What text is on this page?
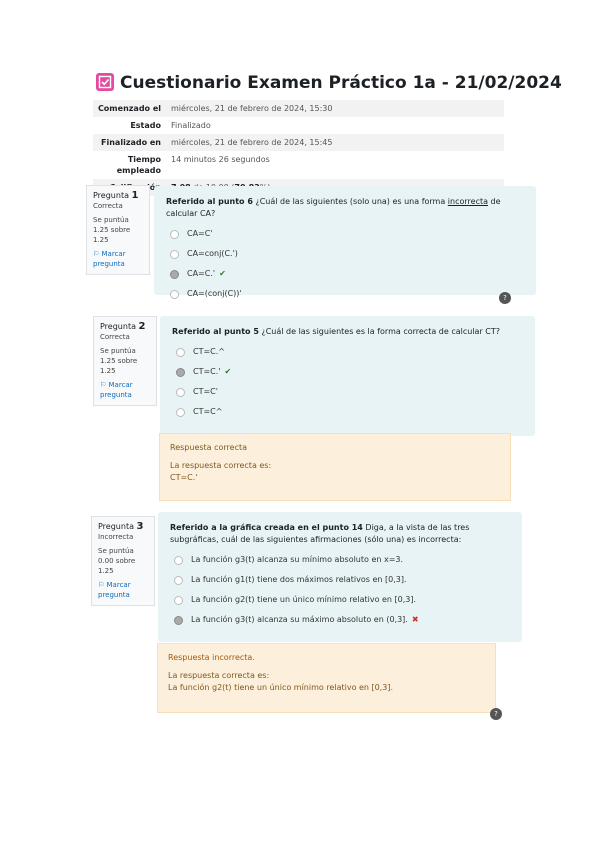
Cuestionario Examen Práctico 1a - 21/02/2024
Comenzado el	miércoles, 21 de febrero de 2024, 15:30
Estado	Finalizado
Finalizado en	miércoles, 21 de febrero de 2024, 15:45
Tiempo empleado	14 minutos 26 segundos

Pregunta 1
Correcta
Se puntúa 1.25 sobre 1.25
⚐ Marcar pregunta
Referido al punto 6 ¿Cuál de las siguientes (solo una) es una forma incorrecta de calcular CA?
CA=C'
CA=conj(C.')
CA=C.' ✔
CA=(conj(C))'	?
Pregunta 2
Correcta
Se puntúa 1.25 sobre 1.25
⚐ Marcar pregunta
Referido al punto 5 ¿Cuál de las siguientes es la forma correcta de calcular CT?
CT=C.^
CT=C.' ✔
CT=C'
CT=C^
Respuesta correcta
La respuesta correcta es:
CT=C.'
Pregunta 3
Incorrecta
Se puntúa 0.00 sobre 1.25
⚐ Marcar pregunta
Referido a la gráfica creada en el punto 14 Diga, a la vista de las tres subgráficas, cuál de las siguientes afirmaciones (sólo una) es incorrecta:
La función g3(t) alcanza su mínimo absoluto en x=3.
La función g1(t) tiene dos máximos relativos en [0,3].
La función g2(t) tiene un único mínimo relativo en [0,3].
La función g3(t) alcanza su máximo absoluto en (0,3]. ✖
Respuesta incorrecta.
La respuesta correcta es:
La función g2(t) tiene un único mínimo relativo en [0,3].
?
